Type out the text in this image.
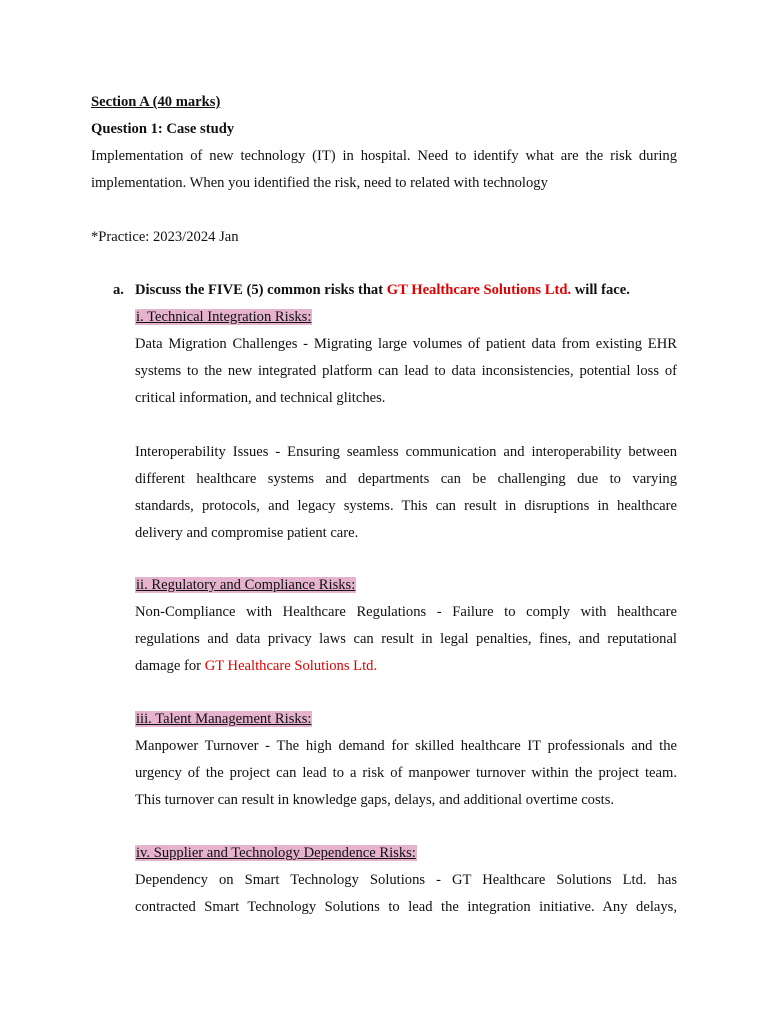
Section A (40 marks)
Question 1: Case study
Implementation of new technology (IT) in hospital. Need to identify what are the risk during
implementation. When you identified the risk, need to related with technology
*Practice: 2023/2024 Jan
a. Discuss the FIVE (5) common risks that GT Healthcare Solutions Ltd. will face.
i. Technical Integration Risks:
Data Migration Challenges - Migrating large volumes of patient data from existing EHR
systems to the new integrated platform can lead to data inconsistencies, potential loss of
critical information, and technical glitches.
Interoperability Issues - Ensuring seamless communication and interoperability between
different healthcare systems and departments can be challenging due to varying
standards, protocols, and legacy systems. This can result in disruptions in healthcare
delivery and compromise patient care.
ii. Regulatory and Compliance Risks:
Non-Compliance with Healthcare Regulations - Failure to comply with healthcare
regulations and data privacy laws can result in legal penalties, fines, and reputational
damage for GT Healthcare Solutions Ltd.
iii. Talent Management Risks:
Manpower Turnover - The high demand for skilled healthcare IT professionals and the
urgency of the project can lead to a risk of manpower turnover within the project team.
This turnover can result in knowledge gaps, delays, and additional overtime costs.
iv. Supplier and Technology Dependence Risks:
Dependency on Smart Technology Solutions - GT Healthcare Solutions Ltd. has
contracted Smart Technology Solutions to lead the integration initiative. Any delays,
